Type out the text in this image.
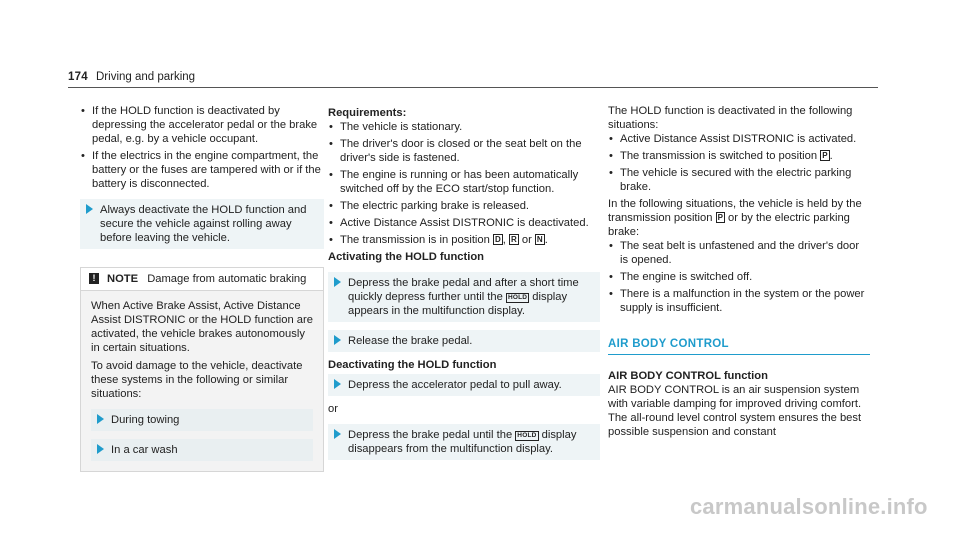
174 Driving and parking
• If the HOLD function is deactivated by depressing the accelerator pedal or the brake pedal, e.g. by a vehicle occupant.
• If the electrics in the engine compartment, the battery or the fuses are tampered with or if the battery is disconnected.
Always deactivate the HOLD function and secure the vehicle against rolling away before leaving the vehicle.
!	NOTE Damage from automatic braking

When Active Brake Assist, Active Distance Assist DISTRONIC or the HOLD function are activated, the vehicle brakes autonomously in certain situations.

To avoid damage to the vehicle, deactivate these systems in the following or similar situations:

During towing
In a car wash
Requirements:
• The vehicle is stationary.
• The driver's door is closed or the seat belt on the driver's side is fastened.
• The engine is running or has been automatically switched off by the ECO start/stop function.
• The electric parking brake is released.
• Active Distance Assist DISTRONIC is deactivated.
• The transmission is in position D , R or N .
Activating the HOLD function
Depress the brake pedal and after a short time quickly depress further until the HOLD display appears in the multifunction display.
Release the brake pedal.
Deactivating the HOLD function
Depress the accelerator pedal to pull away.
or
Depress the brake pedal until the HOLD display disappears from the multifunction display.
The HOLD function is deactivated in the following situations:
• Active Distance Assist DISTRONIC is activated.
• The transmission is switched to position P .
• The vehicle is secured with the electric parking brake.
In the following situations, the vehicle is held by the transmission position P or by the electric parking brake:
• The seat belt is unfastened and the driver's door is opened.
• The engine is switched off.
• There is a malfunction in the system or the power supply is insufficient.
AIR BODY CONTROL
AIR BODY CONTROL function
AIR BODY CONTROL is an air suspension system with variable damping for improved driving comfort. The all-round level control system ensures the best possible suspension and constant
carmanualsonline.info
